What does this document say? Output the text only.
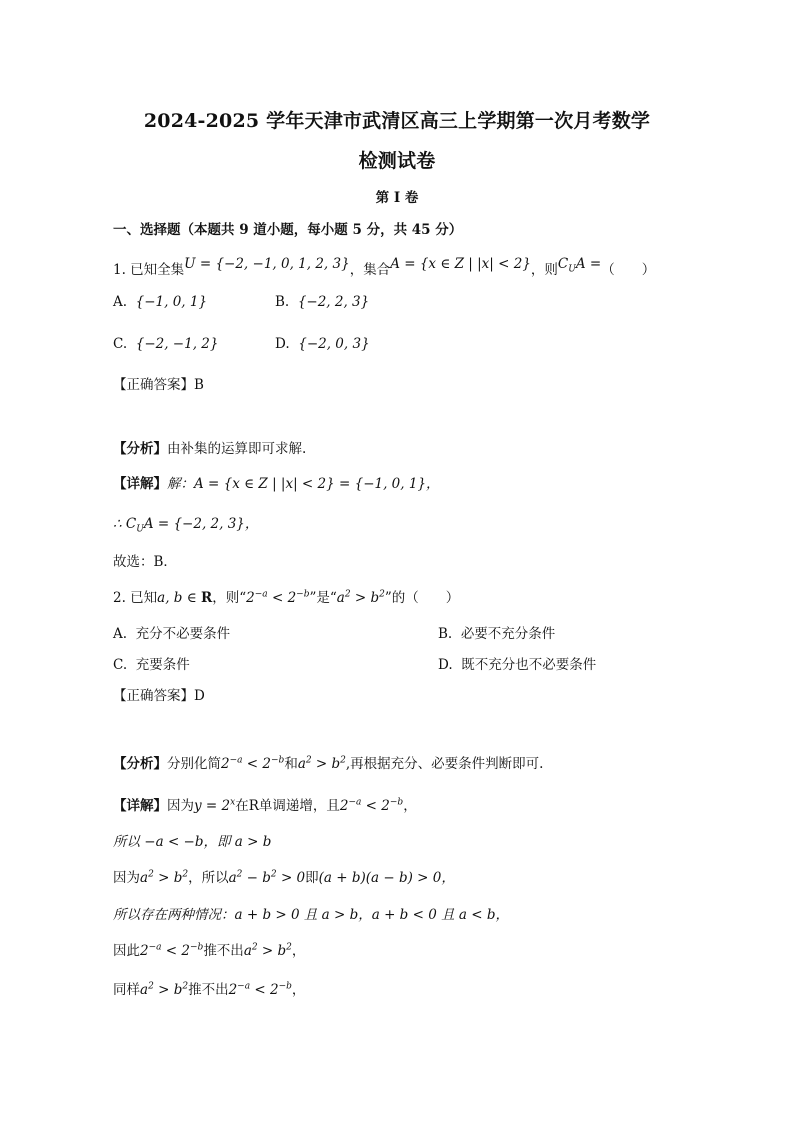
2024-2025 学年天津市武清区高三上学期第一次月考数学
检测试卷
第 I 卷
一、选择题（本题共 9 道小题，每小题 5 分，共 45 分）
1. 已知全集U = {−2, −1, 0, 1, 2, 3}，集合A = {x ∈ Z | |x| < 2}，则$C_UA$ =（　　）
A. {−1, 0, 1}	B. {−2, 2, 3}
C. {−2, −1, 2}	D. {−2, 0, 3}
【正确答案】B
【分析】由补集的运算即可求解.
【详解】解：A = {x ∈ Z | |x| < 2} = {−1, 0, 1}，
∴ $C_UA = \{-2$, 2, 3}，
故选：B．
2. 已知a, b ∈ R，则“$2^{-a} < 2^{-b}$”是“$a^2 > b^2$”的（　　）
A. 充分不必要条件	B. 必要不充分条件
C. 充要条件	D. 既不充分也不必要条件
【正确答案】D
【分析】分别化简$2^{-a} < 2^{-b}$和$a^2 > b^2$,再根据充分、必要条件判断即可.
【详解】因为$y = 2^x$在R单调递增，且$2^{-a} < 2^{-b}$，
所以 −a < −b，即 a > b
因为$a^2 > b^2$，所以$a^2 - b^2 > 0$即(a + b)(a − b) > 0，
所以存在两种情况：a + b > 0 且 a > b，a + b < 0 且 a < b，
因此$2^{-a} < 2^{-b}$推不出$a^2 > b^2$，
同样$a^2 > b^2$推不出$2^{-a} < 2^{-b}$，
